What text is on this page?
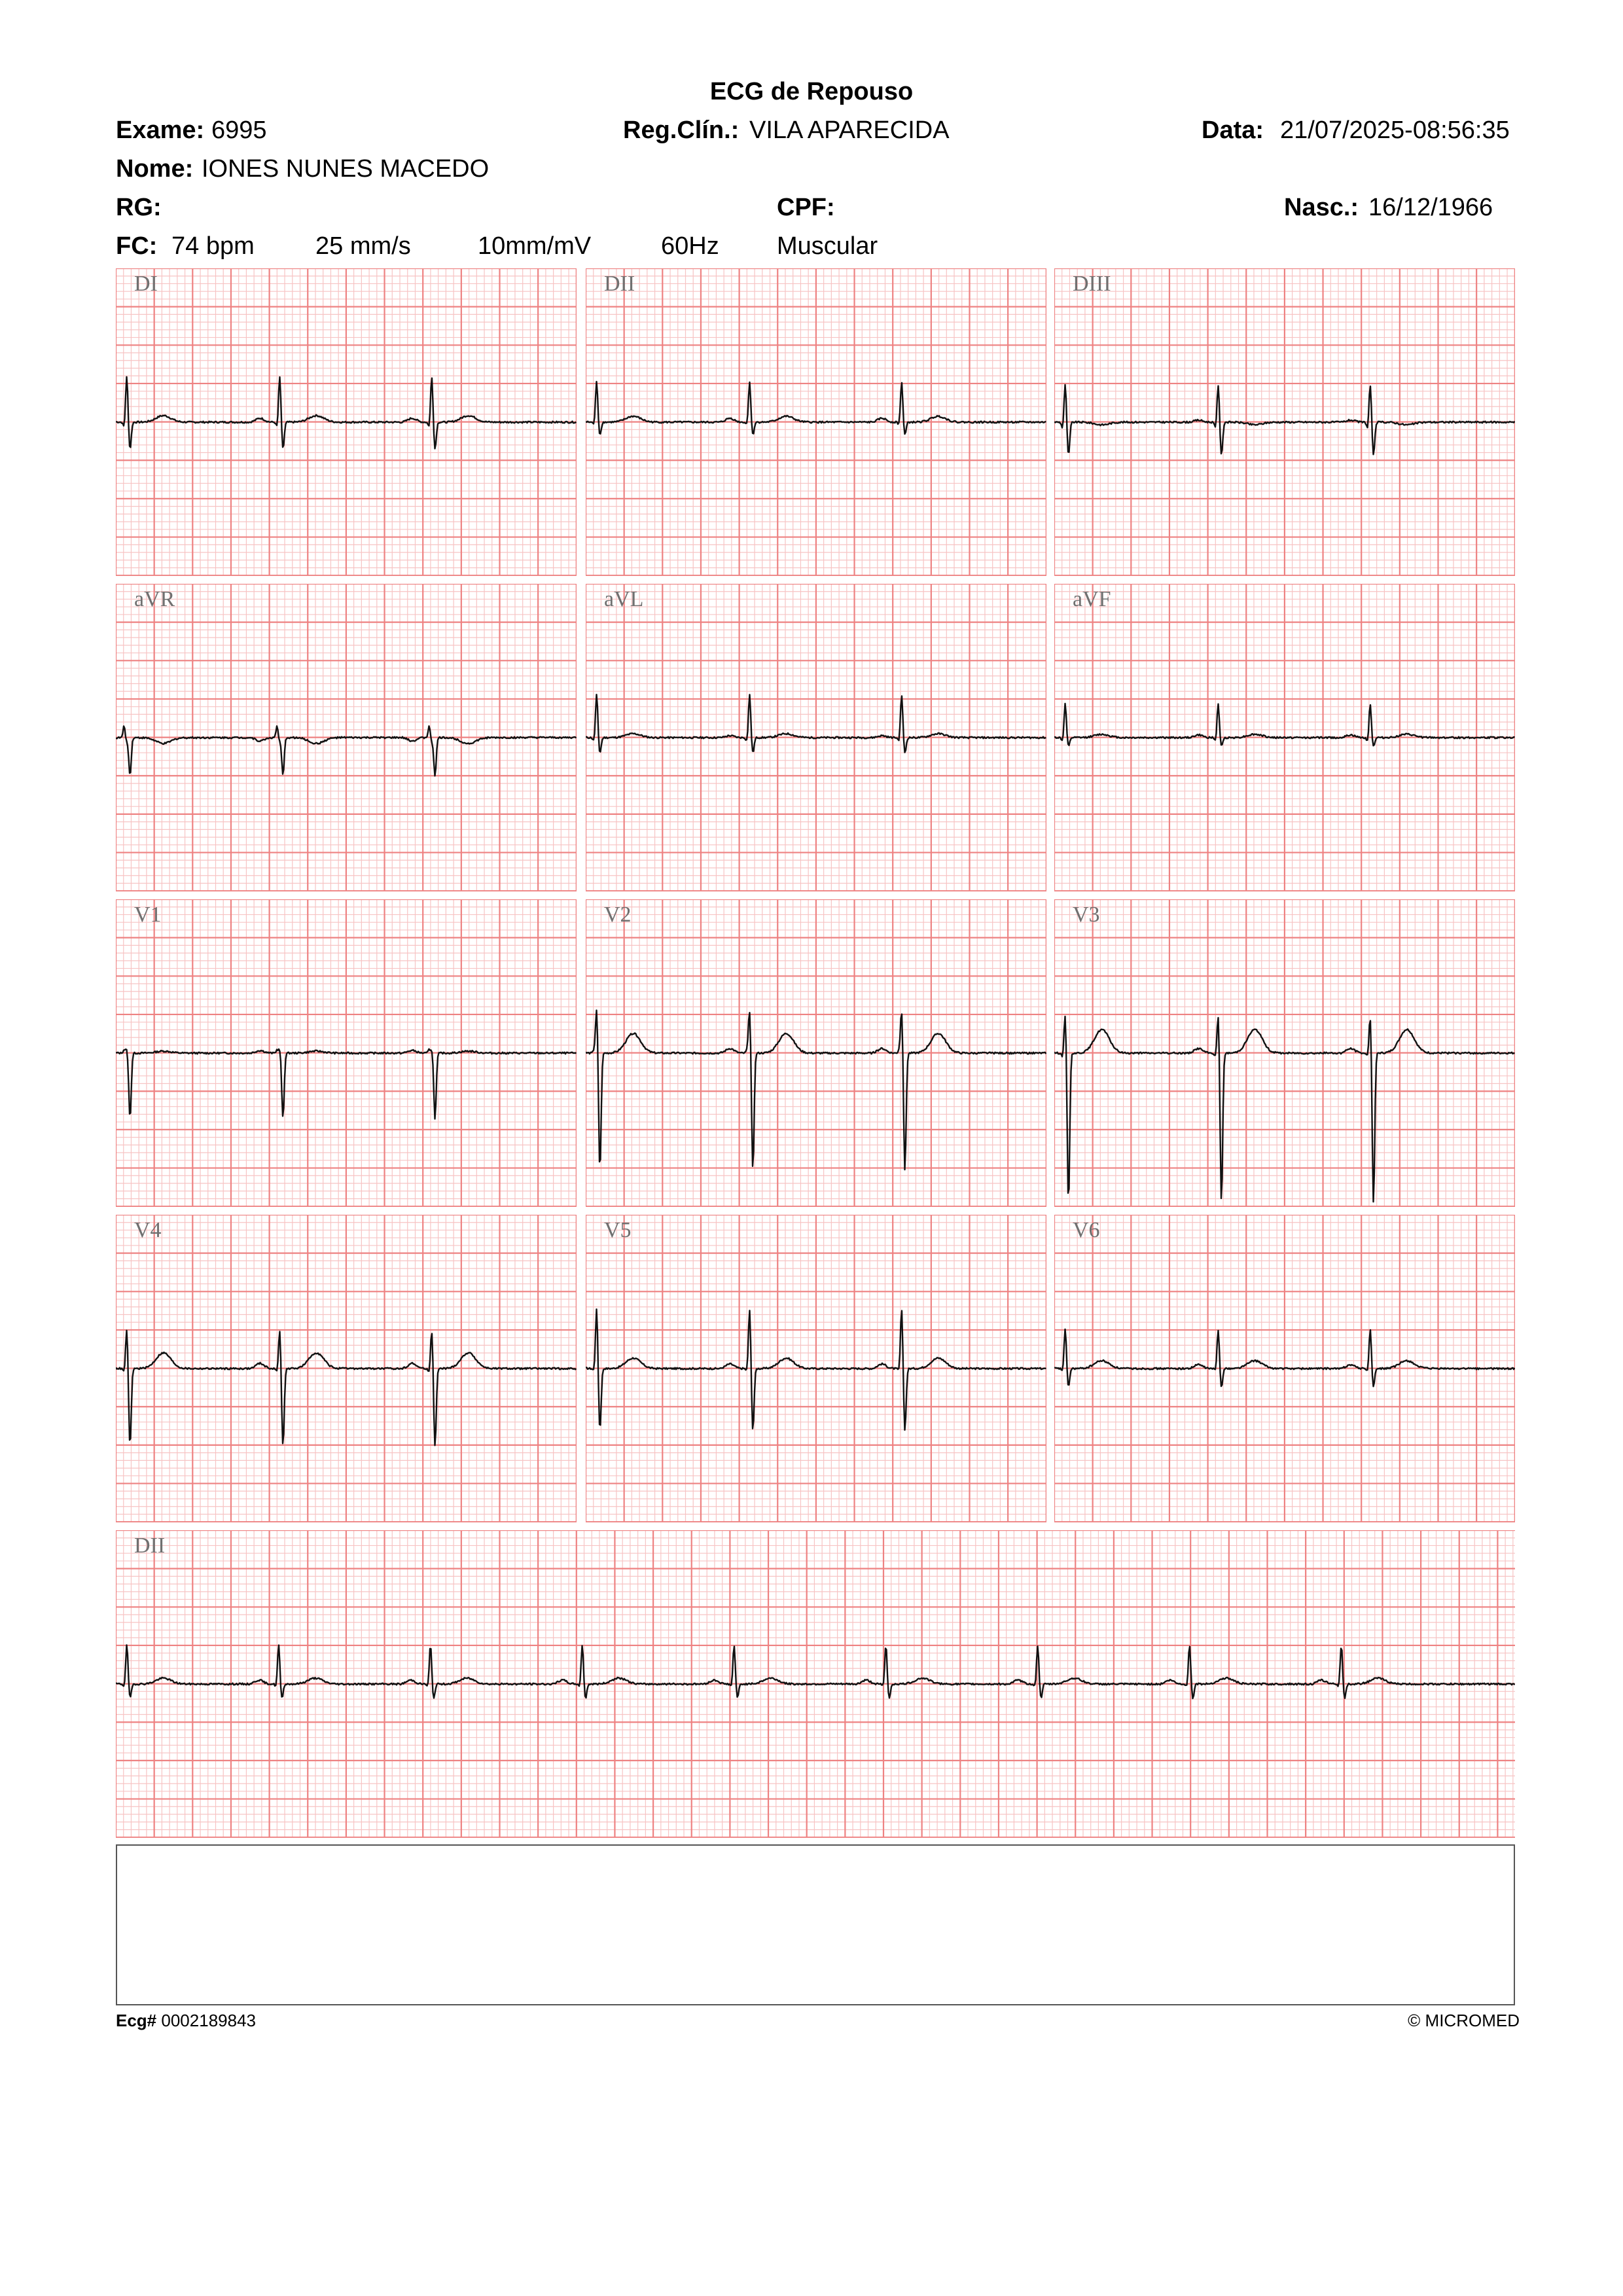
ECG de Repouso
Exame: 6995	Reg.Clín.: VILA APARECIDA	Data: 21/07/2025-08:56:35
Nome: IONES NUNES MACEDO
RG:	CPF:	Nasc.: 16/12/1966
FC: 74 bpm 25 mm/s	10mm/mV	60Hz Muscular
DI	DII	DIII
aVR	aVL	aVF
V1	V2	V3
V4	V5	V6
DII
Ecg# 0002189843	© MICROMED
